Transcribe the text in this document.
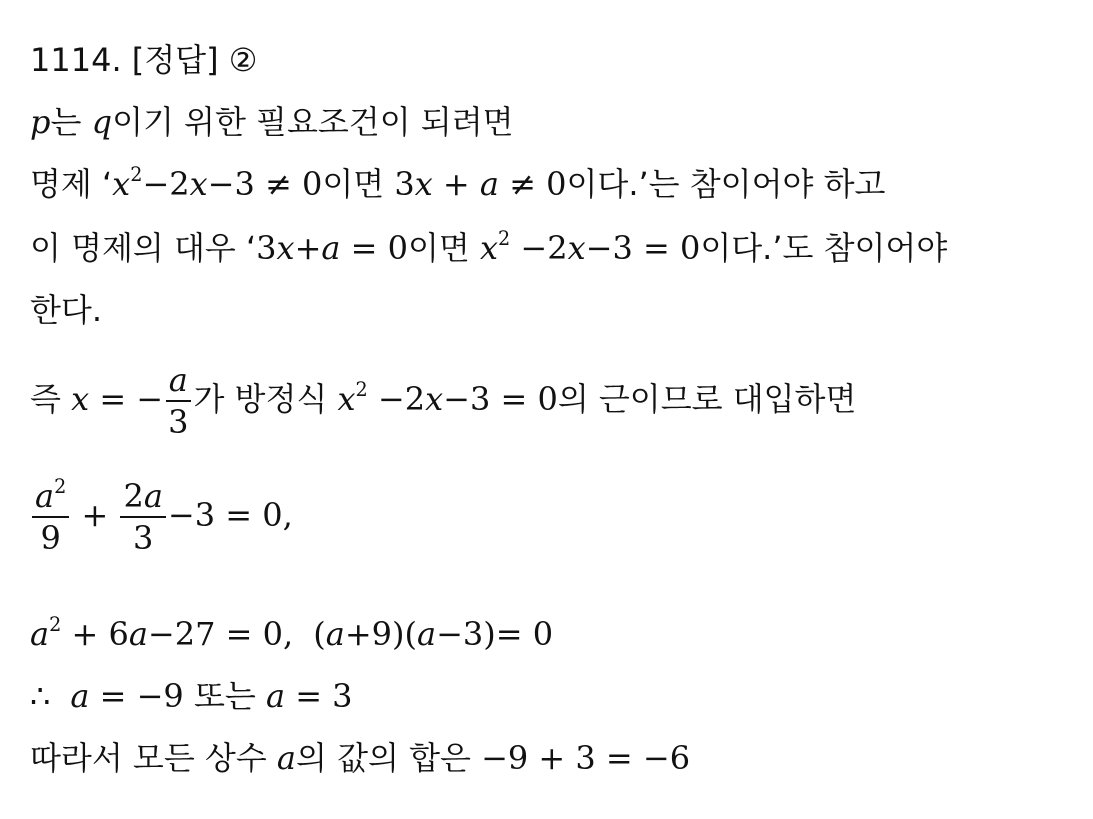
1114. [정답] ②
p는 q이기 위한 필요조건이 되려면
명제 ‘$x^2-2x-3 \ne 0$이면 3x + a ≠ 0이다.’는 참이어야 하고
이 명제의 대우 ‘3x+a = 0이면 $x^2 -2x-3 = 0$이다.’도 참이어야
한다.
즉 x = − $\frac{a}{3}$ 가 방정식 $x^2 -2x-3 = 0$의 근이므로 대입하면
$\frac{a^2}{9} + \frac{2a}{3} -3 = 0$,
$a^2 + 6a-27 = 0$, (a+9)(a−3)= 0
∴ a = −9 또는 a = 3
따라서 모든 상수 a의 값의 합은 −9 + 3 = −6
